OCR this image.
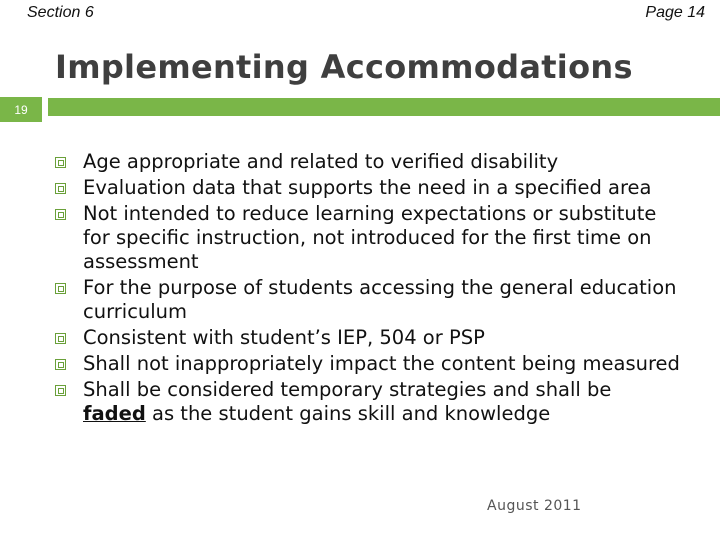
Section 6	Page 14
Implementing Accommodations
19
Age appropriate and related to verified disability
Evaluation data that supports the need in a specified area
Not intended to reduce learning expectations or substitute for specific instruction, not introduced for the first time on assessment
For the purpose of students accessing the general education curriculum
Consistent with student’s IEP, 504 or PSP
Shall not inappropriately impact the content being measured
Shall be considered temporary strategies and shall be faded as the student gains skill and knowledge
August 2011
